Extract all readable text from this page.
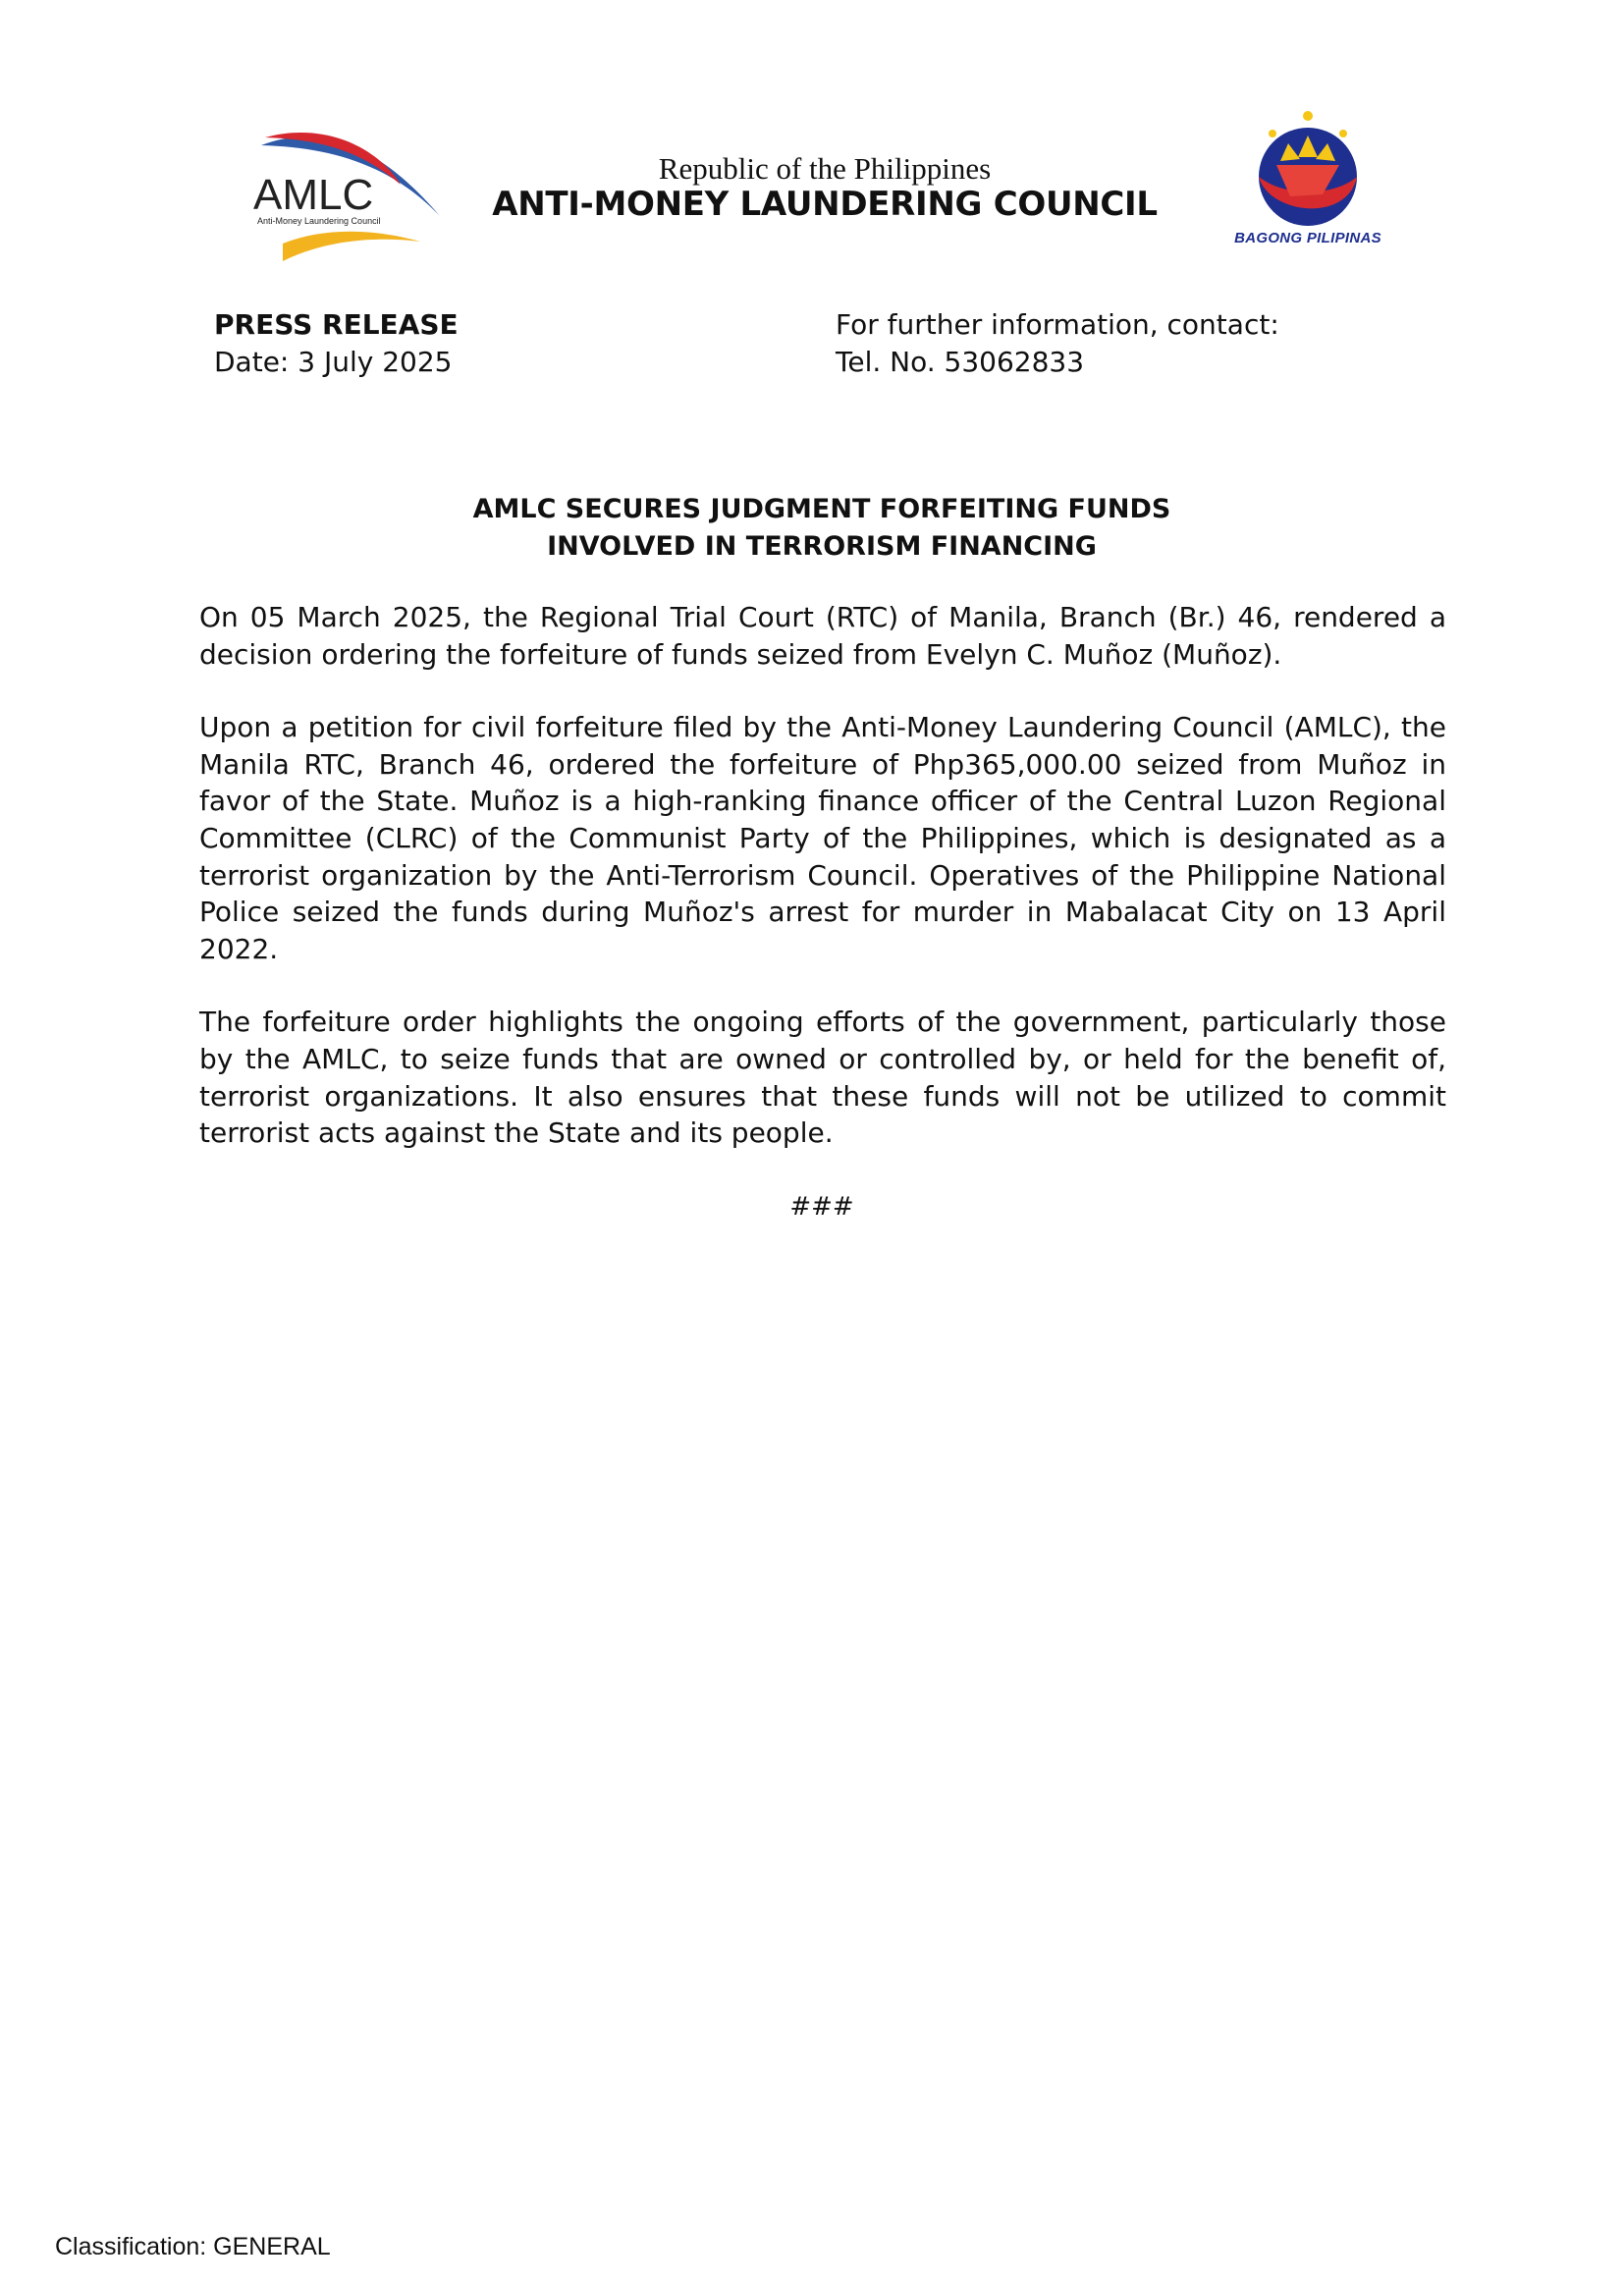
AMLC
Anti-Money Laundering Council
Republic of the Philippines
ANTI-MONEY LAUNDERING COUNCIL
BAGONG PILIPINAS
PRESS RELEASE
Date: 3 July 2025
For further information, contact:
Tel. No. 53062833
AMLC SECURES JUDGMENT FORFEITING FUNDS
INVOLVED IN TERRORISM FINANCING

On 05 March 2025, the Regional Trial Court (RTC) of Manila, Branch (Br.) 46, rendered a decision ordering the forfeiture of funds seized from Evelyn C. Muñoz (Muñoz).

Upon a petition for civil forfeiture filed by the Anti-Money Laundering Council (AMLC), the Manila RTC, Branch 46, ordered the forfeiture of Php365,000.00 seized from Muñoz in favor of the State. Muñoz is a high-ranking finance officer of the Central Luzon Regional Committee (CLRC) of the Communist Party of the Philippines, which is designated as a terrorist organization by the Anti-Terrorism Council. Operatives of the Philippine National Police seized the funds during Muñoz's arrest for murder in Mabalacat City on 13 April 2022.

The forfeiture order highlights the ongoing efforts of the government, particularly those by the AMLC, to seize funds that are owned or controlled by, or held for the benefit of, terrorist organizations. It also ensures that these funds will not be utilized to commit terrorist acts against the State and its people.

###
Classification: GENERAL
